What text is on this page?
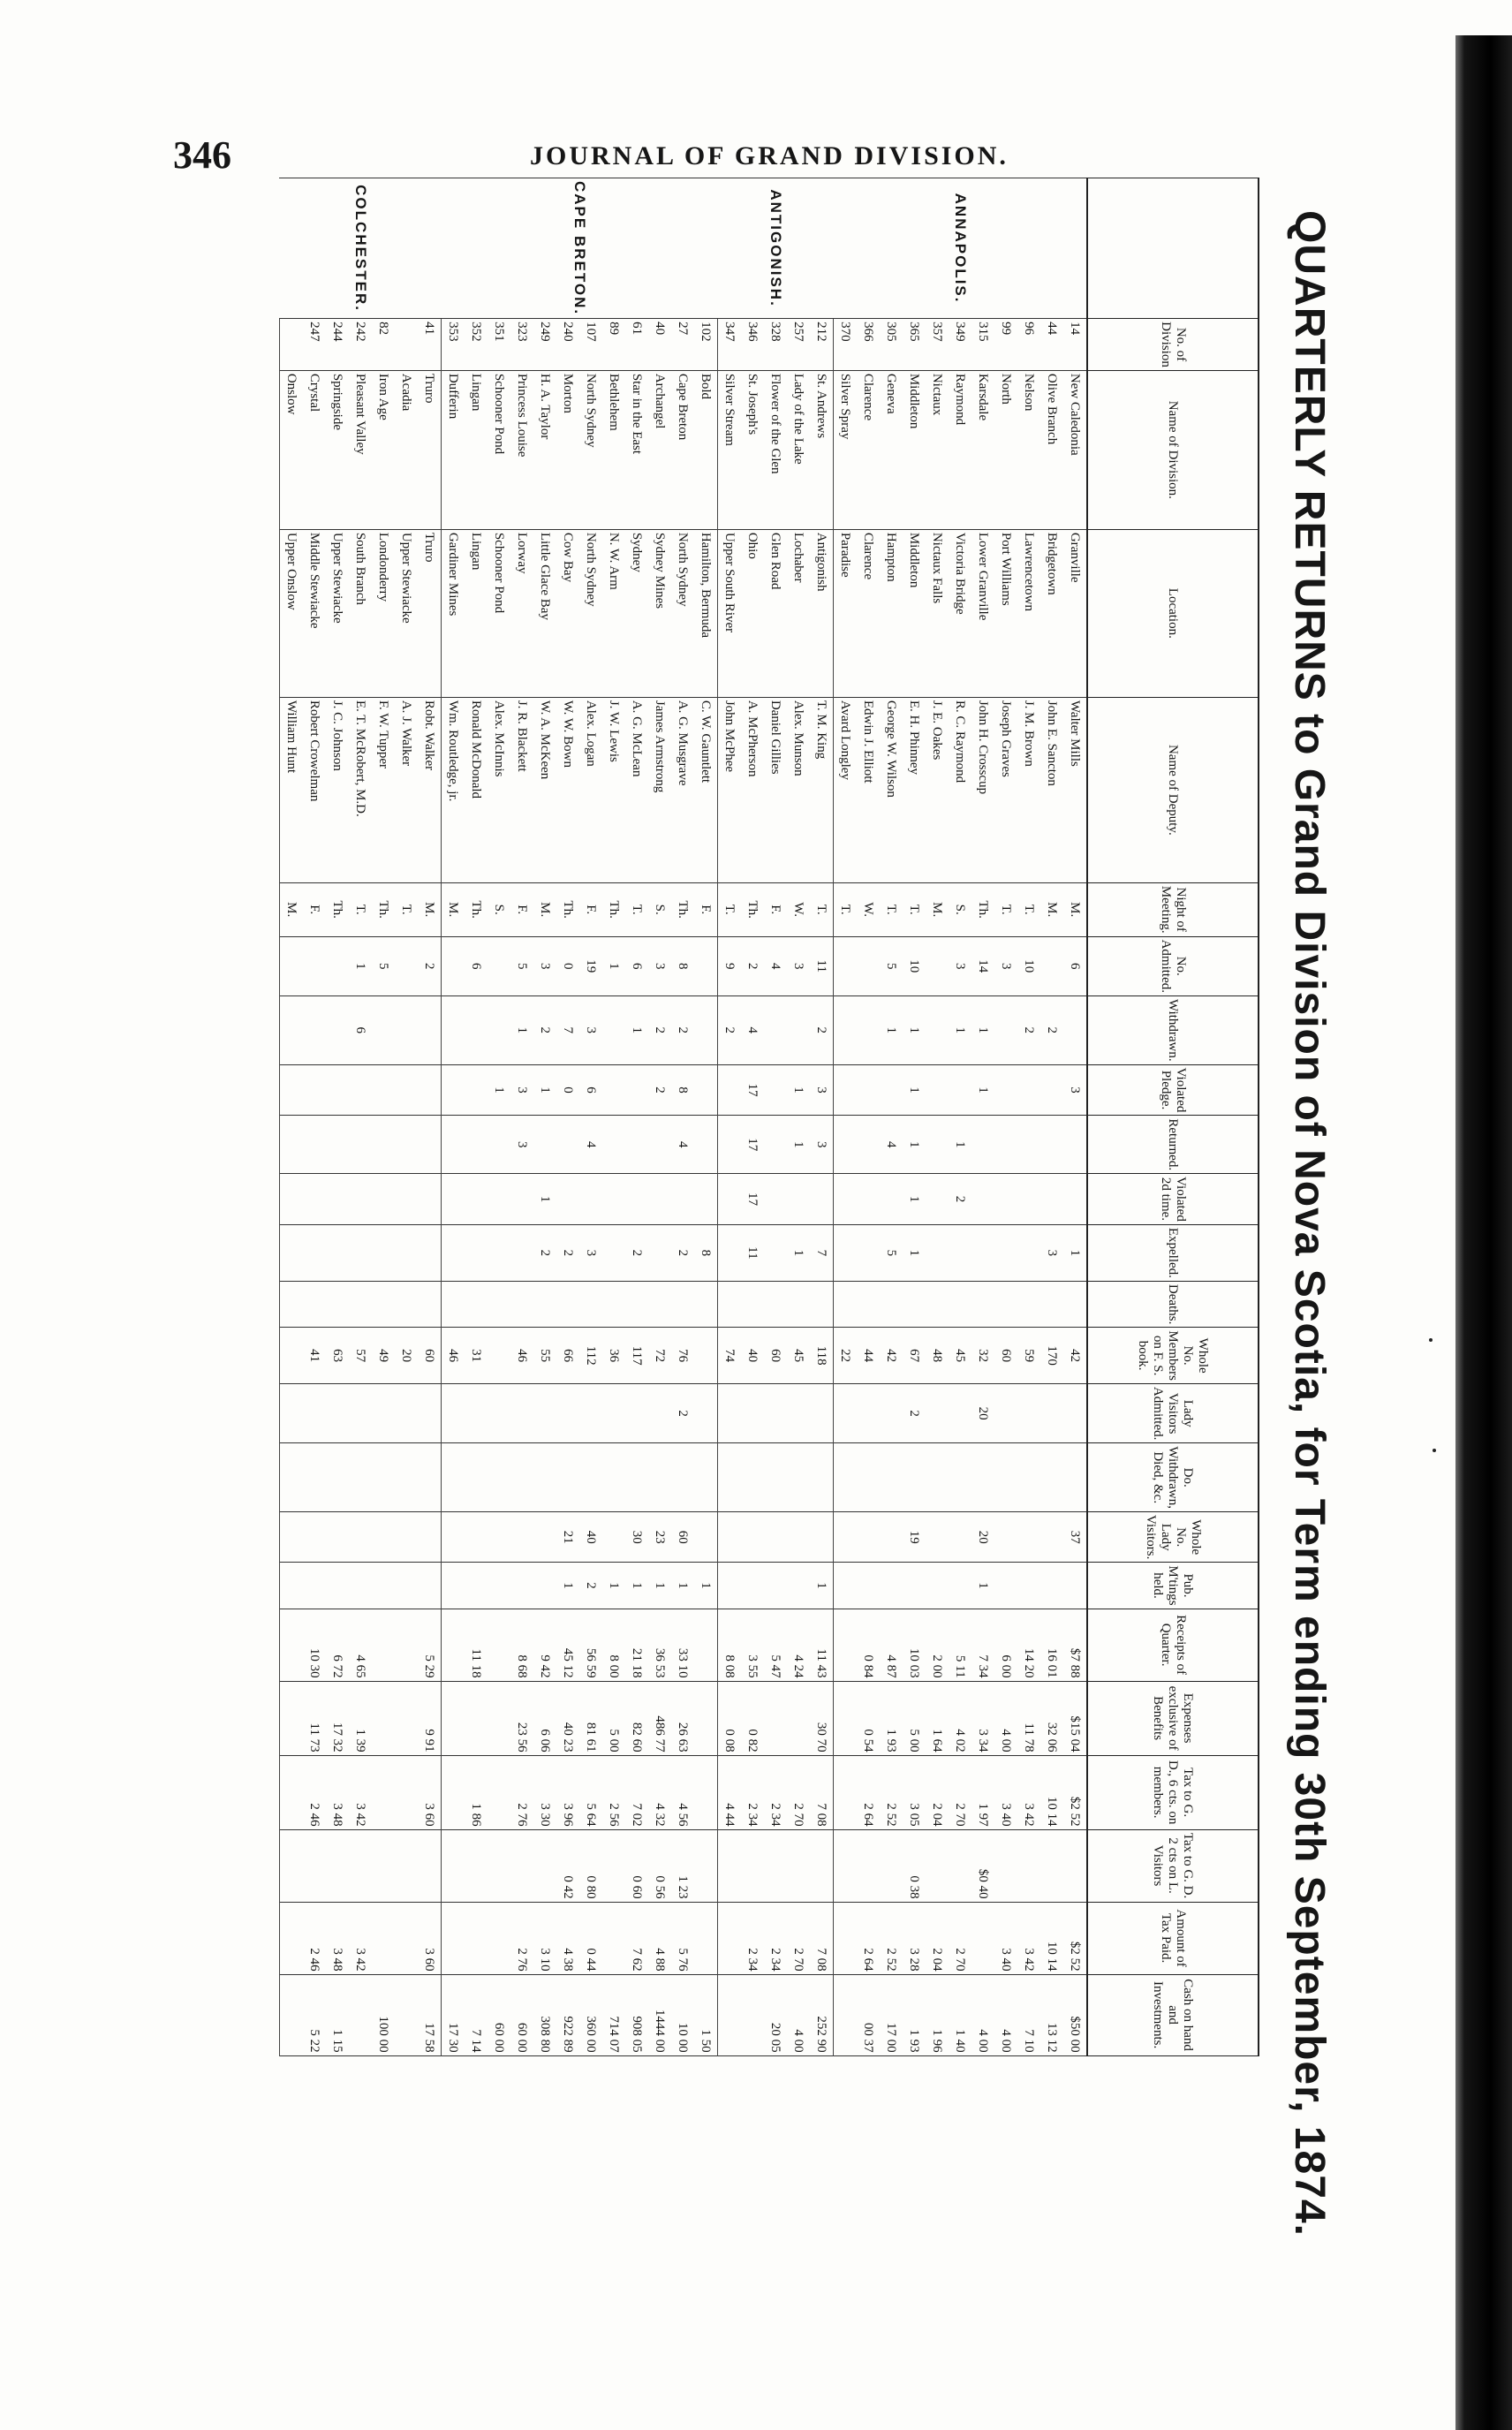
346	JOURNAL OF GRAND DIVISION.
QUARTERLY RETURNS to Grand Division of Nova Scotia, for Term ending 30th September, 1874.
	No. of Division	Name of Division.	Location.	Name of Deputy.	Night of Meeting.	No. Admitted.	Withdrawn.	Violated Pledge.	Returned.	Violated 2d time.	Expelled.	Deaths.	Whole No. Members on F. S. book.	Lady Visitors Admitted.	Do. Withdrawn, Died, &c.	Whole No. Lady Visitors.	Pub. M'tings held.	Receipts of Quarter.	Expenses exclusive of Benefits	Tax to G. D., 6 cts. on members.	Tax to G. D. 2 cts on L. Visitors	Amount of Tax Paid.	Cash on hand and Investments.
ANNAPOLIS.	14	New Caledonia	Granville	Walter Mills	M.	6		3			1		42			37		$7 88	$15 04	$2 52		$2 52	$50 00
	44	Olive Branch	Bridgetown	John E. Sancton	M.		2				3		170					16 01	32 06	10 14		10 14	13 12
	96	Nelson	Lawrencetown	J. M. Brown	T.	10	2						59					14 20	11 78	3 42		3 42	7 10
	99	North	Port Williams	Joseph Graves	T.	3							60					6 00	4 00	3 40		3 40	4 00
	315	Karsdale	Lower Granville	John H. Crosscup	Th.	14	1	1					32	20		20	1	7 34	3 34	1 97	$0 40		4 00
	349	Raymond	Victoria Bridge	R. C. Raymond	S.	3	1		1	2			45					5 11	4 02	2 70		2 70	1 40
	357	Nictaux	Nictaux Falls	J. E. Oakes	M.								48					2 00	1 64	2 04		2 04	1 96
	365	Middleton	Middleton	E. H. Phinney	T.	10	1	1	1	1	1		67	2		19		10 03	5 00	3 05	0 38	3 28	1 93
	305	Geneva	Hampton	George W. Wilson	T.	5	1		4		5		42					4 87	1 93	2 52		2 52	17 00
	366	Clarence	Clarence	Edwin J. Elliott	W.								44					0 84	0 54	2 64		2 64	00 37
	370	Silver Spray	Paradise	Avard Longley	T.								22										
ANTIGONISH.	212	St. Andrews	Antigonish	T. M. King	T.	11	2	3	3		7		118				1	11 43	30 70	7 08		7 08	252 90
	257	Lady of the Lake	Lochaber	Alex. Munson	W.	3		1	1		1		45					4 24		2 70		2 70	4 00
	328	Flower of the Glen	Glen Road	Daniel Gillies	F.	4							60					5 47		2 34		2 34	20 05
	346	St. Joseph's	Ohio	A. McPherson	Th.	2	4	17	17	17	11		40					3 55	0 82	2 34		2 34	
	347	Silver Stream	Upper South River	John McPhee	T.	9	2						74					8 08	0 08	4 44			
CAPE BRETON.	102	Bold	Hamilton, Bermuda	C. W. Gauntlett	F.						8						1						1 50
	27	Cape Breton	North Sydney	A. G. Musgrave	Th.	8	2	8	4		2		76	2		60	1	33 10	26 63	4 56	1 23	5 76	10 00
	40	Archangel	Sydney Mines	James Armstrong	S.	3	2	2					72			23	1	36 53	486 77	4 32	0 56	4 88	1444 00
	61	Star in the East	Sydney	A. G. McLean	T.	6	1				2		117			30	1	21 18	82 60	7 02	0 60	7 62	908 05
	89	Bethlehem	N. W. Arm	J. W. Lewis	Th.	1							36				1	8 00	5 00	2 56			714 07
	107	North Sydney	North Sydney	Alex. Logan	F.	19	3	6	4		3		112			40	2	56 59	81 61	5 64	0 80	0 44	360 00
	240	Morton	Cow Bay	W. W. Bown	Th.	0	7	0			2		66			21	1	45 12	40 23	3 96	0 42	4 38	922 89
	249	H. A. Taylor	Little Glace Bay	W. A. McKeen	M.	3	2	1		1	2		55					9 42	6 06	3 30		3 10	308 80
	323	Princess Louise	Lorway	J. R. Blackett	F.	5	1	3	3				46					8 68	23 56	2 76		2 76	60 00
	351	Schooner Pond	Schooner Pond	Alex. McInnis	S.			1															60 00
	352	Lingan	Lingan	Ronald McDonald	Th.	6							31					11 18		1 86			7 14
	353	Dufferin	Gardiner Mines	Wm. Routledge, jr.	M.								46										17 30
COLCHESTER.	41	Truro	Truro	Robt. Walker	M.	2							60					5 29	9 91	3 60		3 60	17 58
		Acadia	Upper Stewiacke	A. J. Walker	T.								20										
	82	Iron Age	Londonderry	F. W. Tupper	Th.	5							49										100 00
	242	Pleasant Valley	South Branch	E. T. McRobert, M.D.	T.	1	6						57					4 65	1 39	3 42		3 42	
	244	Springside	Upper Stewiacke	J. C. Johnson	Th.								63					6 72	17 32	3 48		3 48	1 15
	247	Crystal	Middle Stewiacke	Robert Crowelman	F.								41					10 30	11 73	2 46		2 46	5 22
		Onslow	Upper Onslow	William Hunt	M.																		
